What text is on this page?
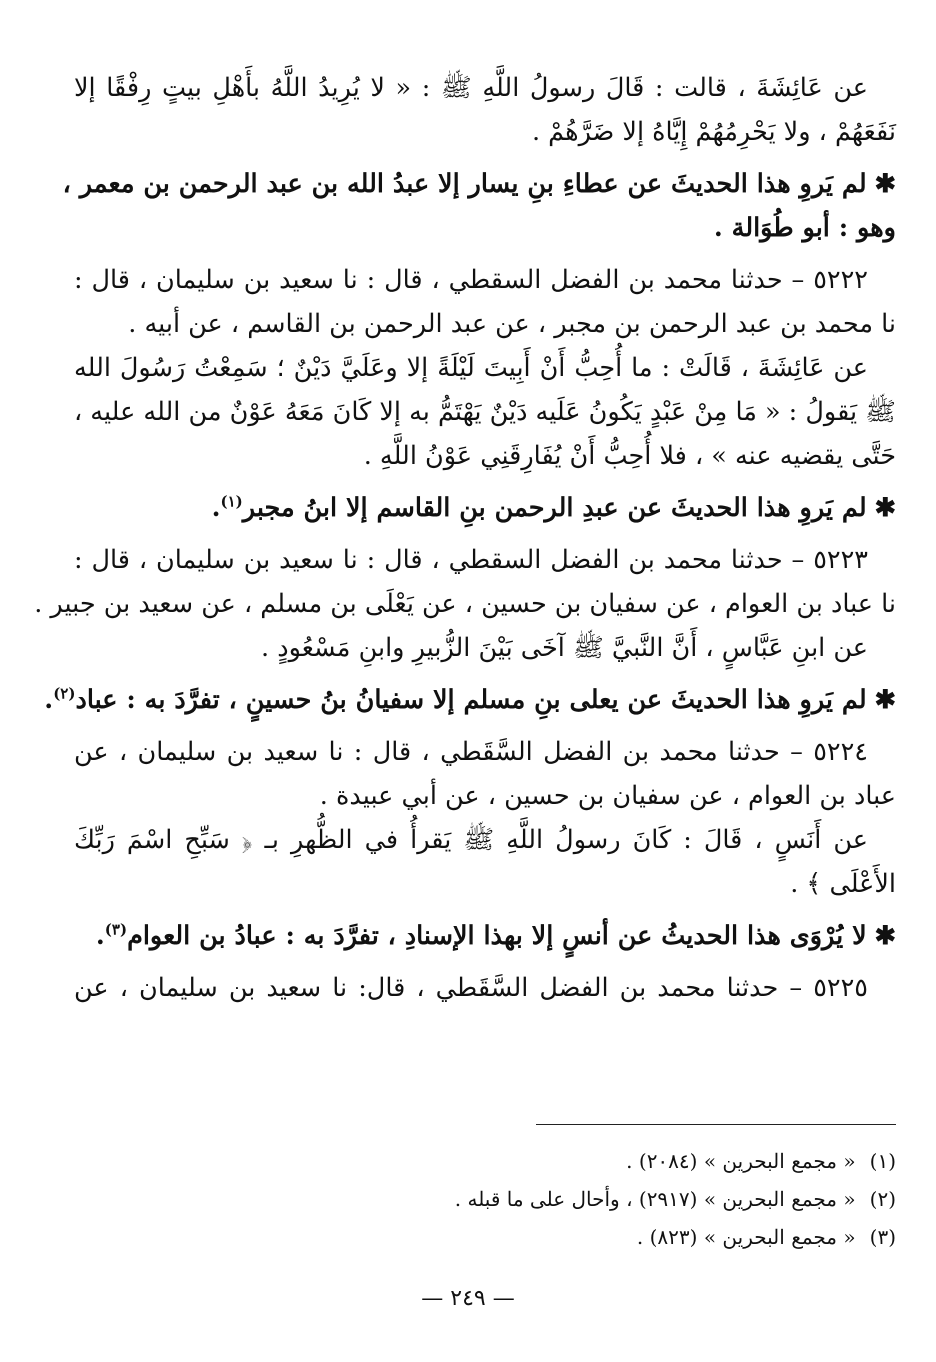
عن عَائِشَةَ ، قالت : قَالَ رسولُ اللَّهِ ﷺ : « لا يُرِيدُ اللَّهُ بأَهْلِ بيتٍ رِفْقًا إلا
نَفَعَهُمْ ، ولا يَحْرِمُهُمْ إِيَّاهُ إلا ضَرَّهُمْ .
✱لم يَروِ هذا الحديثَ عن عطاءِ بنِ يسار إلا عبدُ الله بن عبد الرحمن بن معمر ،
وهو : أبو طُوَالة .
٥٢٢٢ – حدثنا محمد بن الفضل السقطي ، قال : نا سعيد بن سليمان ، قال :
نا محمد بن عبد الرحمن بن مجبر ، عن عبد الرحمن بن القاسم ، عن أبيه .
عن عَائِشَةَ ، قَالَتْ : ما أُحِبُّ أَنْ أَبِيتَ لَيْلَةً إلا وعَلَيَّ دَيْنٌ ؛ سَمِعْتُ رَسُولَ الله
ﷺ يَقولُ : « مَا مِنْ عَبْدٍ يَكُونُ عَلَيه دَيْنٌ يَهْتَمُّ به إلا كَانَ مَعَهُ عَوْنٌ من الله عليه ،
حَتَّى يقضيه عنه » ، فلا أُحِبُّ أَنْ يُفَارِقَنِي عَوْنُ اللَّهِ .
✱لم يَروِ هذا الحديثَ عن عبدِ الرحمن بنِ القاسم إلا ابنُ مجبر$^{(١)}$.
٥٢٢٣ – حدثنا محمد بن الفضل السقطي ، قال : نا سعيد بن سليمان ، قال :
نا عباد بن العوام ، عن سفيان بن حسين ، عن يَعْلَى بن مسلم ، عن سعيد بن جبير .
عن ابنِ عَبَّاسٍ ، أَنَّ النَّبيَّ ﷺ آخَى بَيْنَ الزُّبيرِ وابنِ مَسْعُودٍ .
✱لم يَروِ هذا الحديثَ عن يعلى بنِ مسلم إلا سفيانُ بنُ حسينٍ ، تفرَّدَ به : عباد$^{(٢)}$.
٥٢٢٤ – حدثنا محمد بن الفضل السَّقَطي ، قال : نا سعيد بن سليمان ، عن
عباد بن العوام ، عن سفيان بن حسين ، عن أبي عبيدة .
عن أَنَسٍ ، قَالَ : كَانَ رسولُ اللَّهِ ﷺ يَقرأُ في الظُّهرِ بـ ﴿ سَبِّحِ اسْمَ رَبِّكَ
الأَعْلَى ﴾ .
✱لا يُرْوَى هذا الحديثُ عن أنسٍ إلا بهذا الإسنادِ ، تفرَّدَ به : عبادُ بن العوام$^{(٣)}$.
٥٢٢٥ – حدثنا محمد بن الفضل السَّقَطي ، قال: نا سعيد بن سليمان ، عن
(١)« مجمع البحرين » (٢٠٨٤) .
(٢)« مجمع البحرين » (٢٩١٧) ، وأحال على ما قبله .
(٣)« مجمع البحرين » (٨٢٣) .
— ٢٤٩ —
